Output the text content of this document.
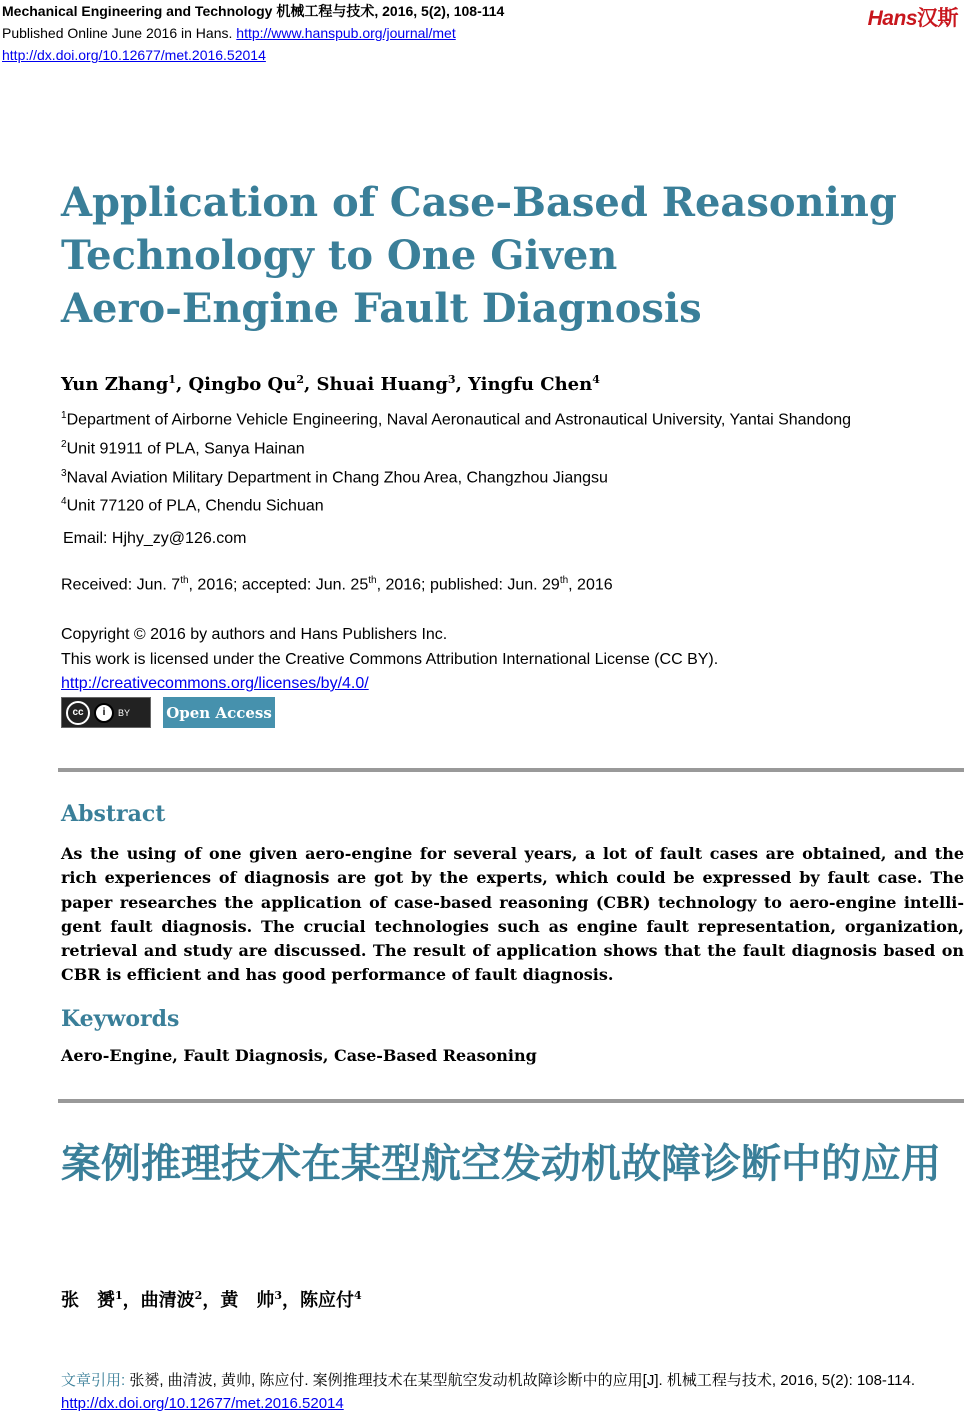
Mechanical Engineering and Technology 机械工程与技术, 2016, 5(2), 108-114
Published Online June 2016 in Hans. http://www.hanspub.org/journal/met
http://dx.doi.org/10.12677/met.2016.52014
Hans汉斯
Application of Case-Based Reasoning
Technology to One Given
Aero-Engine Fault Diagnosis
Yun Zhang$^1$, Qingbo Qu$^2$, Shuai Huang$^3$, Yingfu Chen$^4$
$^1$Department of Airborne Vehicle Engineering, Naval Aeronautical and Astronautical University, Yantai Shandong
$^2$Unit 91911 of PLA, Sanya Hainan
$^3$Naval Aviation Military Department in Chang Zhou Area, Changzhou Jiangsu
$^4$Unit 77120 of PLA, Chendu Sichuan
Email: Hjhy_zy@126.com
Received: Jun. 7th, 2016; accepted: Jun. 25th, 2016; published: Jun. 29th, 2016
Copyright © 2016 by authors and Hans Publishers Inc.
This work is licensed under the Creative Commons Attribution International License (CC BY).
http://creativecommons.org/licenses/by/4.0/
cc	i	BY Open Access
Abstract

As the using of one given aero-engine for several years, a lot of fault cases are obtained, and the rich experiences of diagnosis are got by the experts, which could be expressed by fault case. The paper researches the application of case-based reasoning (CBR) technology to aero-engine intelli-gent fault diagnosis. The crucial technologies such as engine fault representation, organization, retrieval and study are discussed. The result of application shows that the fault diagnosis based on CBR is efficient and has good performance of fault diagnosis.

Keywords
Aero-Engine, Fault Diagnosis, Case-Based Reasoning
案例推理技术在某型航空发动机故障诊断中的应用
张　赟$^1$，曲清波$^2$，黄　帅$^3$，陈应付$^4$
文章引用: 张赟, 曲清波, 黄帅, 陈应付. 案例推理技术在某型航空发动机故障诊断中的应用[J]. 机械工程与技术, 2016, 5(2): 108-114. http://dx.doi.org/10.12677/met.2016.52014
